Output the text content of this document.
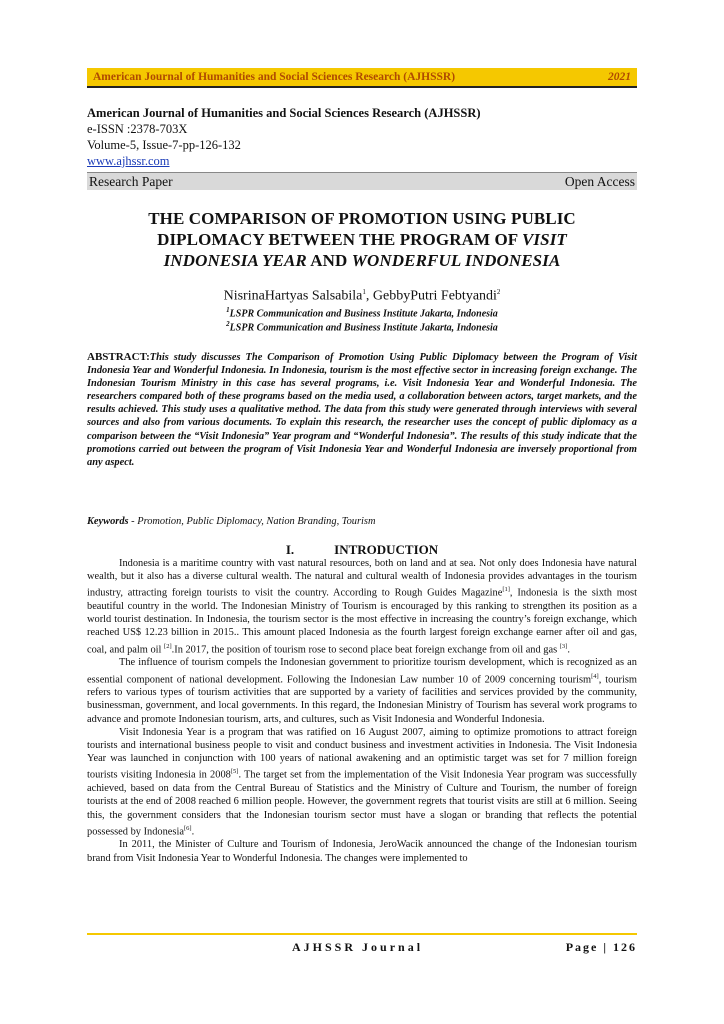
American Journal of Humanities and Social Sciences Research (AJHSSR)	2021
American Journal of Humanities and Social Sciences Research (AJHSSR)
e-ISSN :2378-703X
Volume-5, Issue-7-pp-126-132
www.ajhssr.com
Research Paper	Open Access
THE COMPARISON OF PROMOTION USING PUBLIC
DIPLOMACY BETWEEN THE PROGRAM OF VISIT
INDONESIA YEAR AND WONDERFUL INDONESIA
NisrinaHartyas Salsabila$^1$, GebbyPutri Febtyandi$^2$
$^1$LSPR Communication and Business Institute Jakarta, Indonesia
$^2$LSPR Communication and Business Institute Jakarta, Indonesia
ABSTRACT:This study discusses The Comparison of Promotion Using Public Diplomacy between the Program of Visit Indonesia Year and Wonderful Indonesia. In Indonesia, tourism is the most effective sector in increasing foreign exchange. The Indonesian Tourism Ministry in this case has several programs, i.e. Visit Indonesia Year and Wonderful Indonesia. The researchers compared both of these programs based on the media used, a collaboration between actors, target markets, and the results achieved. This study uses a qualitative method. The data from this study were generated through interviews with several sources and also from various documents. To explain this research, the researcher uses the concept of public diplomacy as a comparison between the “Visit Indonesia” Year program and “Wonderful Indonesia”. The results of this study indicate that the promotions carried out between the program of Visit Indonesia Year and Wonderful Indonesia are inversely proportional from any aspect.
Keywords - Promotion, Public Diplomacy, Nation Branding, Tourism
I.	INTRODUCTION

Indonesia is a maritime country with vast natural resources, both on land and at sea. Not only does Indonesia have natural wealth, but it also has a diverse cultural wealth. The natural and cultural wealth of Indonesia provides advantages in the tourism industry, attracting foreign tourists to visit the country. According to Rough Guides Magazine[1], Indonesia is the sixth most beautiful country in the world. The Indonesian Ministry of Tourism is encouraged by this ranking to strengthen its position as a world tourist destination. In Indonesia, the tourism sector is the most effective in increasing the country’s foreign exchange, which reached US$ 12.23 billion in 2015.. This amount placed Indonesia as the fourth largest foreign exchange earner after oil and gas, coal, and palm oil [2].In 2017, the position of tourism rose to second place beat foreign exchange from oil and gas [3].

The influence of tourism compels the Indonesian government to prioritize tourism development, which is recognized as an essential component of national development. Following the Indonesian Law number 10 of 2009 concerning tourism[4], tourism refers to various types of tourism activities that are supported by a variety of facilities and services provided by the community, businessman, government, and local governments. In this regard, the Indonesian Ministry of Tourism has several work programs to advance and promote Indonesian tourism, arts, and cultures, such as Visit Indonesia and Wonderful Indonesia.

Visit Indonesia Year is a program that was ratified on 16 August 2007, aiming to optimize promotions to attract foreign tourists and international business people to visit and conduct business and investment activities in Indonesia. The Visit Indonesia Year was launched in conjunction with 100 years of national awakening and an optimistic target was set for 7 million foreign tourists visiting Indonesia in 2008[5]. The target set from the implementation of the Visit Indonesia Year program was successfully achieved, based on data from the Central Bureau of Statistics and the Ministry of Culture and Tourism, the number of foreign tourists at the end of 2008 reached 6 million people. However, the government regrets that tourist visits are still at 6 million. Seeing this, the government considers that the Indonesian tourism sector must have a slogan or branding that reflects the potential possessed by Indonesia[6].

In 2011, the Minister of Culture and Tourism of Indonesia, JeroWacik announced the change of the Indonesian tourism brand from Visit Indonesia Year to Wonderful Indonesia. The changes were implemented to

AJHSSR Journal	Page | 126
